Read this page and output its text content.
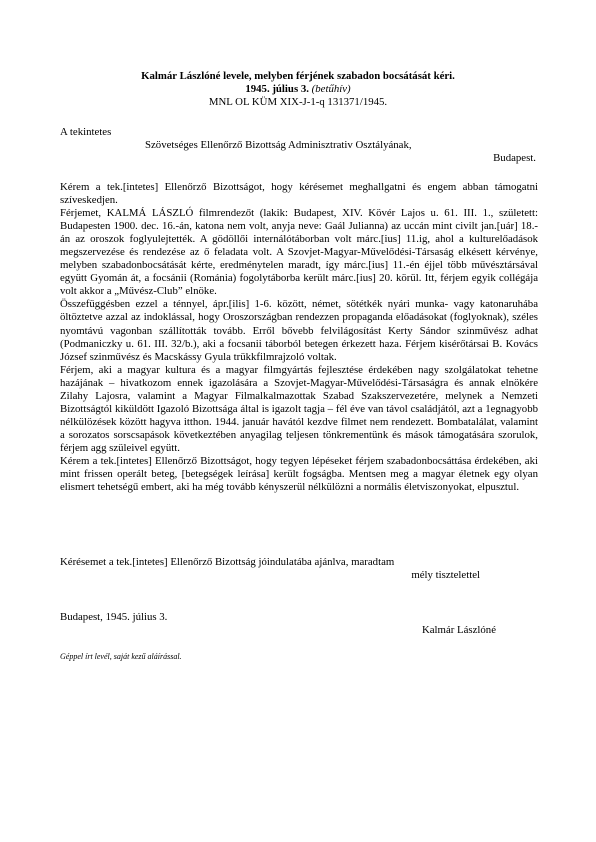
Kalmár Lászlóné levele, melyben férjének szabadon bocsátását kéri.
1945. július 3. (betűhív)
MNL OL KÜM XIX-J-1-q 131371/1945.
A tekintetes
Szövetséges Ellenőrző Bizottság Adminisztrativ Osztályának,
Budapest.

Kérem a tek.[intetes] Ellenőrző Bizottságot, hogy kérésemet meghallgatni és engem abban támogatni szíveskedjen.

Férjemet, KALMÁ LÁSZLÓ filmrendezőt (lakik: Budapest, XIV. Kövér Lajos u. 61. III. 1., született: Budapesten 1900. dec. 16.-án, katona nem volt, anyja neve: Gaál Julianna) az uccán mint civilt jan.[uár] 18.-án az oroszok foglyulejtették. A gödöllői internálótáborban volt márc.[ius] 11.ig, ahol a kulturelőadások megszervezése és rendezése az ő feladata volt. A Szovjet-Magyar-Művelődési-Társaság elkésett kérvénye, melyben szabadonbocsátását kérte, eredménytelen maradt, így márc.[ius] 11.-én éjjel több művésztársával együtt Gyomán át, a focsánii (Románia) fogolytáborba került márc.[ius] 20. körül. Itt, férjem egyik collégája volt akkor a „Művész-Club” elnöke.

Összefüggésben ezzel a ténnyel, ápr.[ilis] 1-6. között, német, sötétkék nyári munka- vagy katonaruhába öltöztetve azzal az indoklással, hogy Oroszországban rendezzen propaganda előadásokat (foglyoknak), széles nyomtávú vagonban szállították tovább. Erről bővebb felvilágosítást Kerty Sándor szinművész adhat (Podmaniczky u. 61. III. 32/b.), aki a focsanii táborból betegen érkezett haza. Férjem kisérőtársai B. Kovács József szinművész és Macskássy Gyula trükkfilmrajzoló voltak.

Férjem, aki a magyar kultura és a magyar filmgyártás fejlesztése érdekében nagy szolgálatokat tehetne hazájának – hivatkozom ennek igazolására a Szovjet-Magyar-Művelődési-Társaságra és annak elnökére Zilahy Lajosra, valamint a Magyar Filmalkalmazottak Szabad Szakszervezetére, melynek a Nemzeti Bizottságtól kiküldött Igazoló Bizottsága által is igazolt tagja – fél éve van távol családjától, azt a 1egnagyobb nélkülözések között hagyva itthon. 1944. január havától kezdve filmet nem rendezett. Bombatalálat, valamint a sorozatos sorscsapások következtében anyagilag teljesen tönkrementünk és mások támogatására szorulok, férjem agg szüleivel együtt.

Kérem a tek.[intetes] Ellenőrző Bizottságot, hogy tegyen lépéseket férjem szabadonbocsáttása érdekében, aki mint frissen operált beteg, [betegségek leírása] került fogságba. Mentsen meg a magyar életnek egy olyan elismert tehetségű embert, aki ha még tovább kényszerül nélkülözni a normális életviszonyokat, elpusztul.

Kérésemet a tek.[intetes] Ellenőrző Bizottság jóindulatába ajánlva, maradtam
mély tisztelettel
Budapest, 1945. július 3.
Kalmár Lászlóné
Géppel írt levél, saját kezű aláírással.
